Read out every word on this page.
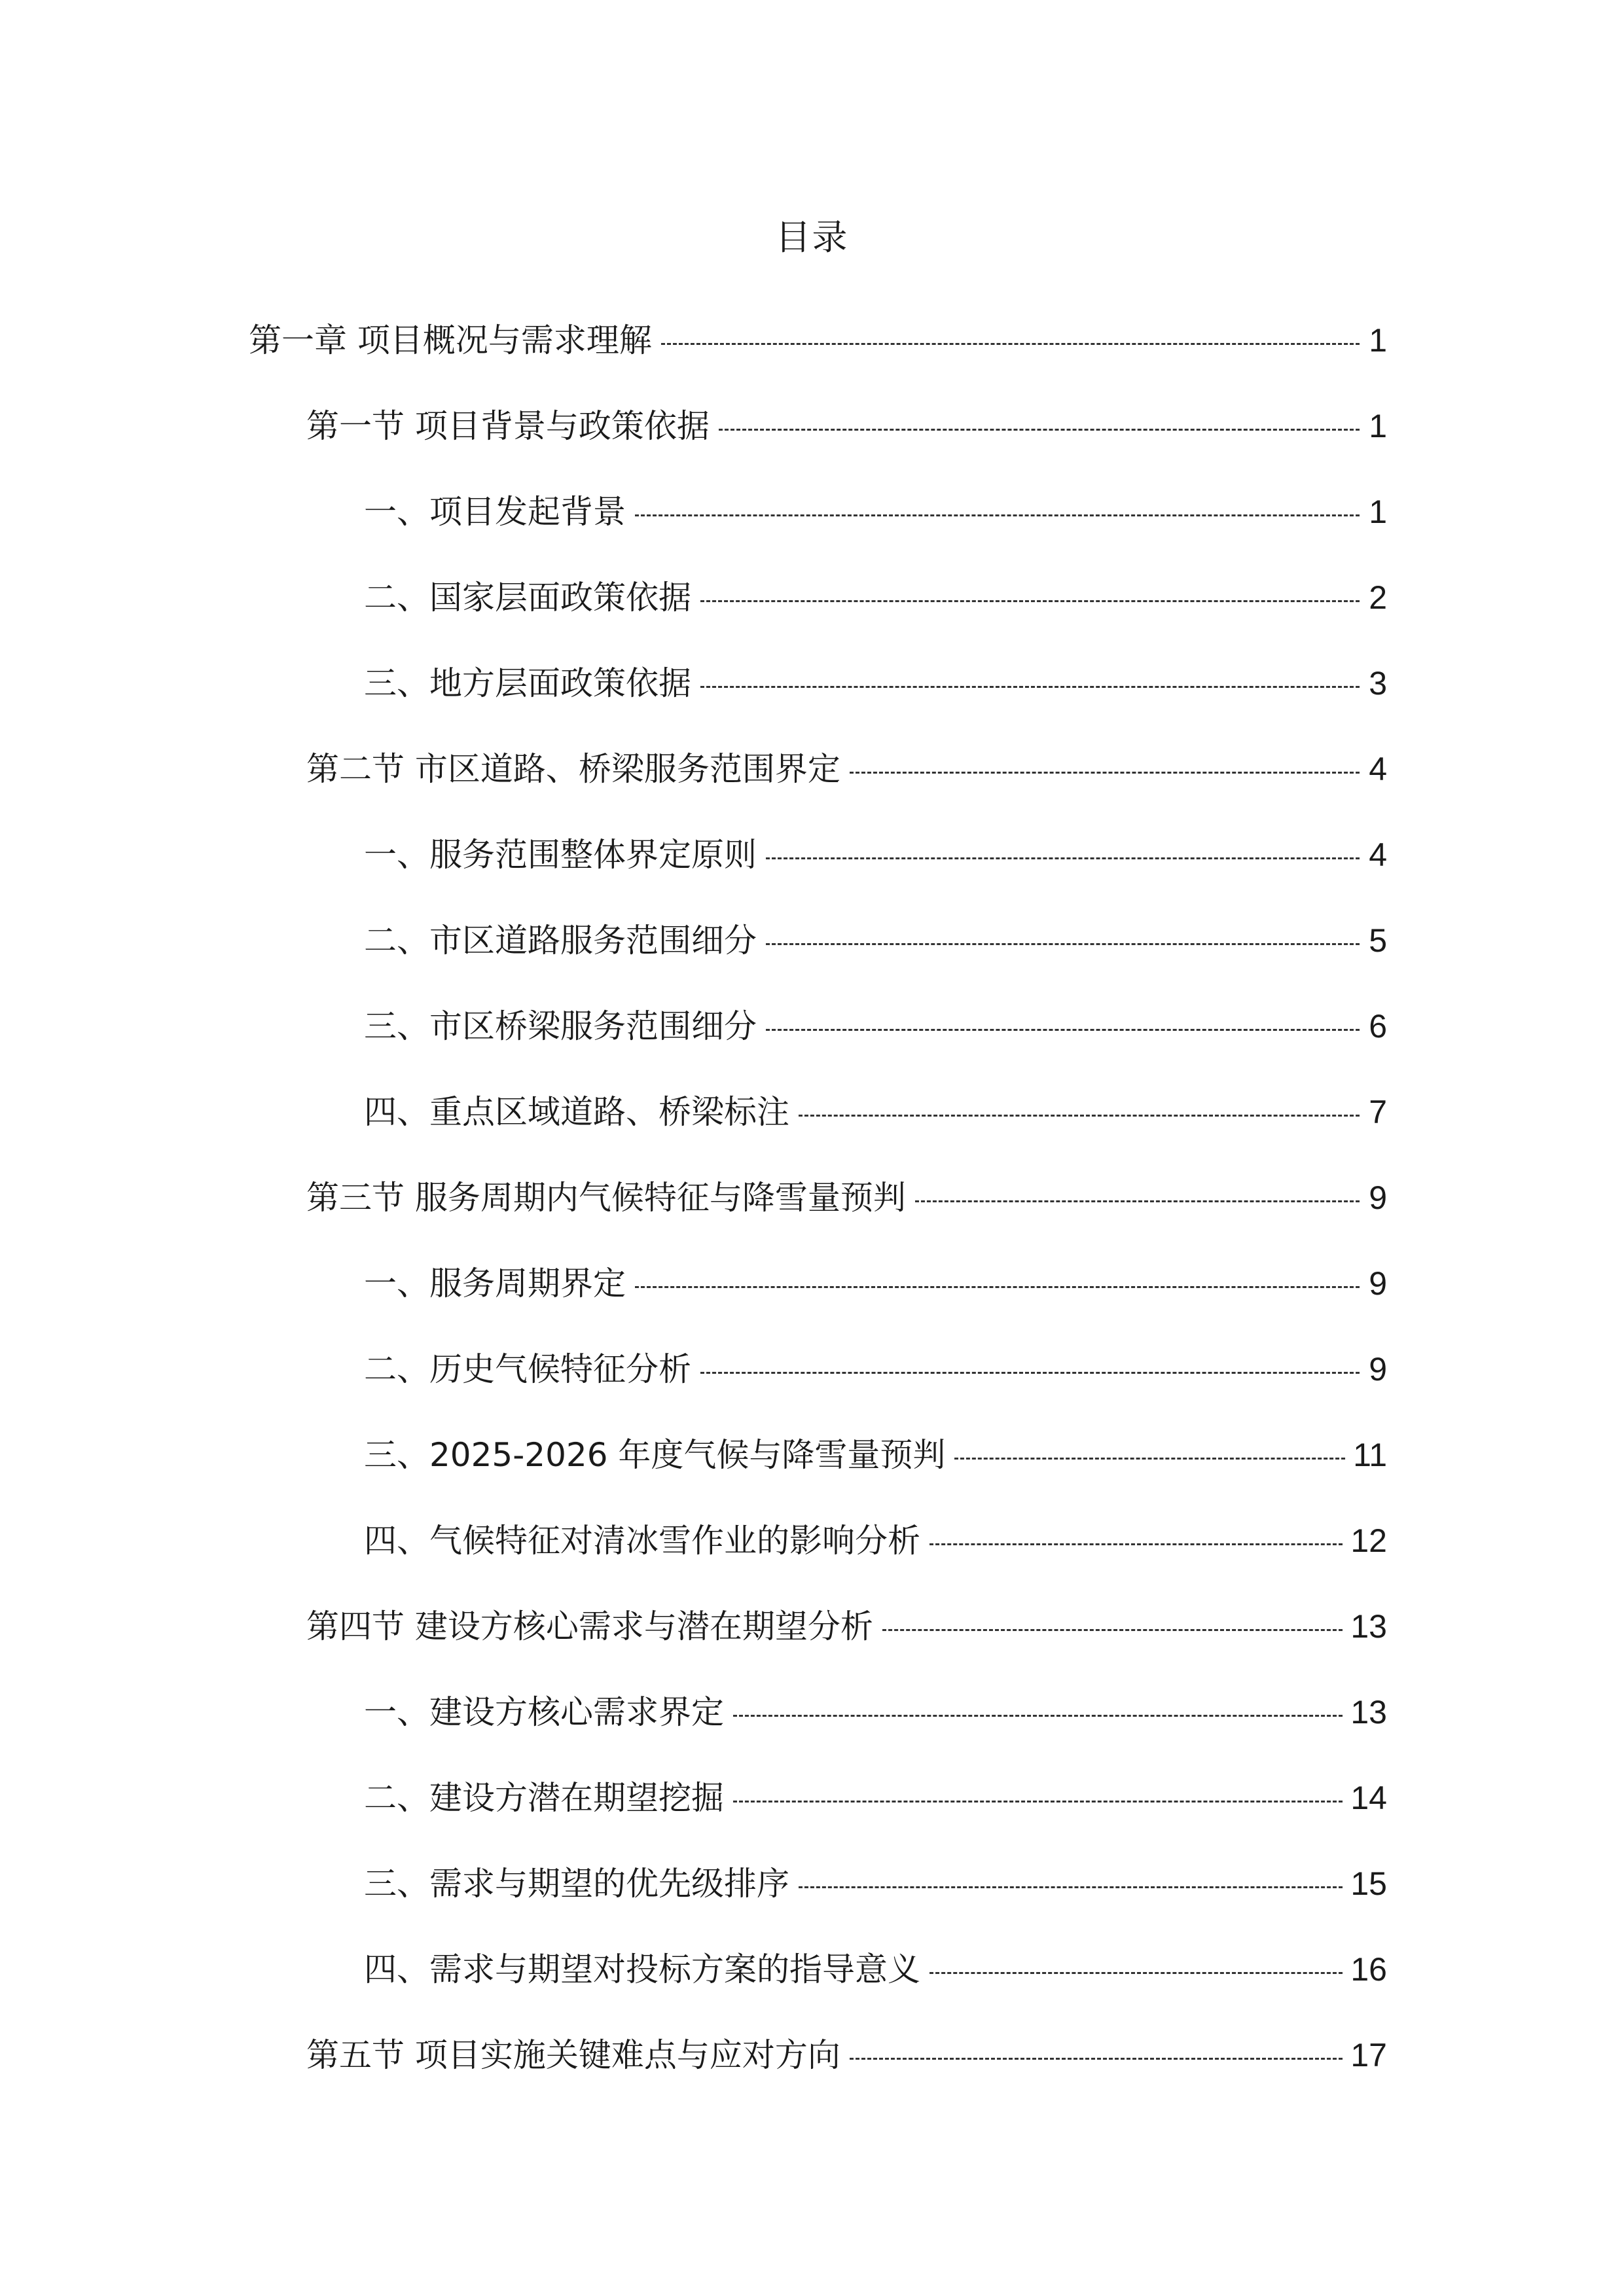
目录
第一章 项目概况与需求理解	1
第一节 项目背景与政策依据	1
一、项目发起背景	1
二、国家层面政策依据	2
三、地方层面政策依据	3
第二节 市区道路、桥梁服务范围界定	4
一、服务范围整体界定原则	4
二、市区道路服务范围细分	5
三、市区桥梁服务范围细分	6
四、重点区域道路、桥梁标注	7
第三节 服务周期内气候特征与降雪量预判	9
一、服务周期界定	9
二、历史气候特征分析	9
三、2025-2026 年度气候与降雪量预判	11
四、气候特征对清冰雪作业的影响分析	12
第四节 建设方核心需求与潜在期望分析	13
一、建设方核心需求界定	13
二、建设方潜在期望挖掘	14
三、需求与期望的优先级排序	15
四、需求与期望对投标方案的指导意义	16
第五节 项目实施关键难点与应对方向	17
